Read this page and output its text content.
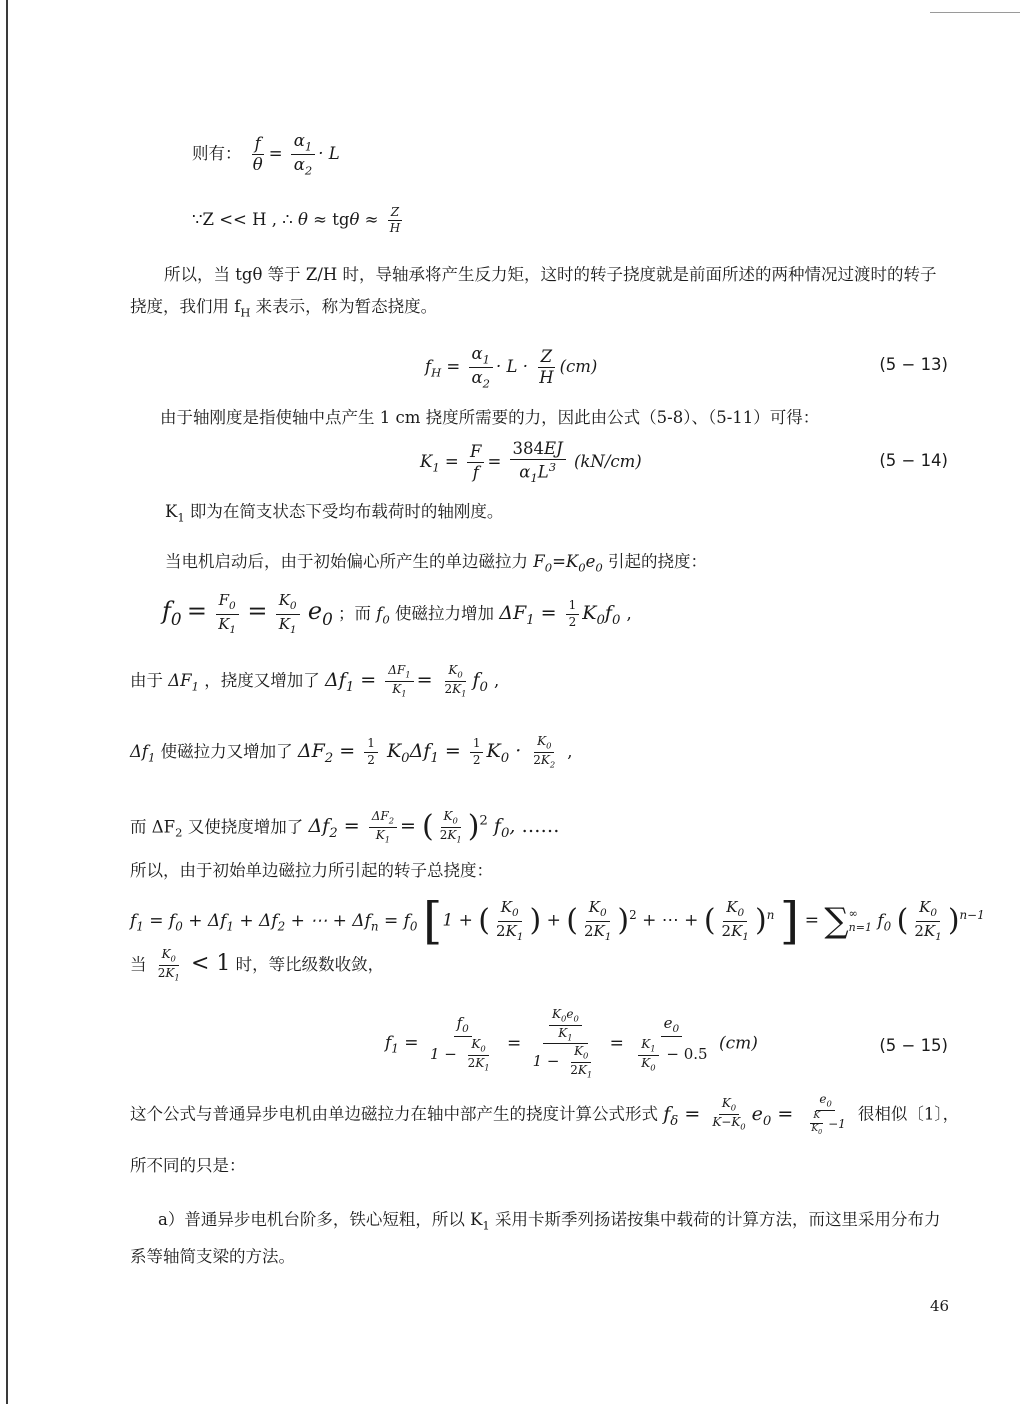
则有： $\frac{f}{\theta} = \frac{\alpha_1}{\alpha_2} \cdot L$
∵Z << H , ∴ $\theta \approx tg\theta \approx \frac{Z}{H}$
所以，当 tgθ 等于 Z/H 时，导轴承将产生反力矩，这时的转子挠度就是前面所述的两种情况过渡时的转子挠度，我们用 $f_H$ 来表示，称为暂态挠度。
$f_H = \frac{\alpha_1}{\alpha_2} \cdot L \cdot \frac{Z}{H} (cm)$	(5 − 13)
由于轴刚度是指使轴中点产生 1 cm 挠度所需要的力，因此由公式（5-8）、（5-11）可得：
$K_1 = \frac{F}{f} = \frac{384EJ}{\alpha_1L^3} (kN/cm)$	(5 − 14)
$K_1$ 即为在简支状态下受均布载荷时的轴刚度。
当电机启动后，由于初始偏心所产生的单边磁拉力 $F_0=K_0e_0$ 引起的挠度：
$f_0 = \frac{F_0}{K_1} = \frac{K_0}{K_1} e_0$ ；而 $f_0$ 使磁拉力增加 $\Delta F_1 = \frac{1}{2} K_0f_0$ ,
由于 $\Delta F_1$ ，挠度又增加了 $\Delta f_1 = \frac{\Delta F_1}{K_1} = \frac{K_0}{2K_1} f_0$ ,
$\Delta f_1$ 使磁拉力又增加了 $\Delta F_2 = \frac{1}{2} K_0\Delta f_1 = \frac{1}{2} K_0 \cdot \frac{K_0}{2K_2}$ ,
而 $\Delta F_2$ 又使挠度增加了 $\Delta f_2 = \frac{\Delta F_2}{K_1}$ = ( $\frac{K_0}{2K_1} )^2$ $f_0$, ……
所以，由于初始单边磁拉力所引起的转子总挠度：
$f_1 = f_0 + \Delta f_1 + \Delta f_2$ + ⋯ + $\Delta f_n = f_0$ [1 + ( $\frac{K_0}{2K_1}$ ) + ( $\frac{K_0}{2K_1} )^2$ + ⋯ + ( $\frac{K_0}{2K_1} )^n$ ] = ∑ ∞
n=1 $f_0$ ( $\frac{K_0}{2K_1} )^{n-1}$
当 $\frac{K_0}{2K_1} < 1$ 时，等比级数收敛，
$f_1 = \frac{f_0}{1 - \frac{K_0}{2K_1}} = \frac{\frac{K_0e_0}{K_1}}{1 - \frac{K_0}{2K_1}} = \frac{e_0}{\frac{K_1}{K_0} - 0.5} (cm)$	(5 − 15)
这个公式与普通异步电机由单边磁拉力在轴中部产生的挠度计算公式形式 $f_\delta = \frac{K_0}{K-K_0} e_0 = \frac{e_0}{\frac{K}{K_0} -1}$ 很相似〔1〕，
所不同的只是：
a）普通异步电机台阶多，铁心短粗，所以 $K_1$ 采用卡斯季列扬诺按集中载荷的计算方法，而这里采用分布力系等轴简支梁的方法。
46
